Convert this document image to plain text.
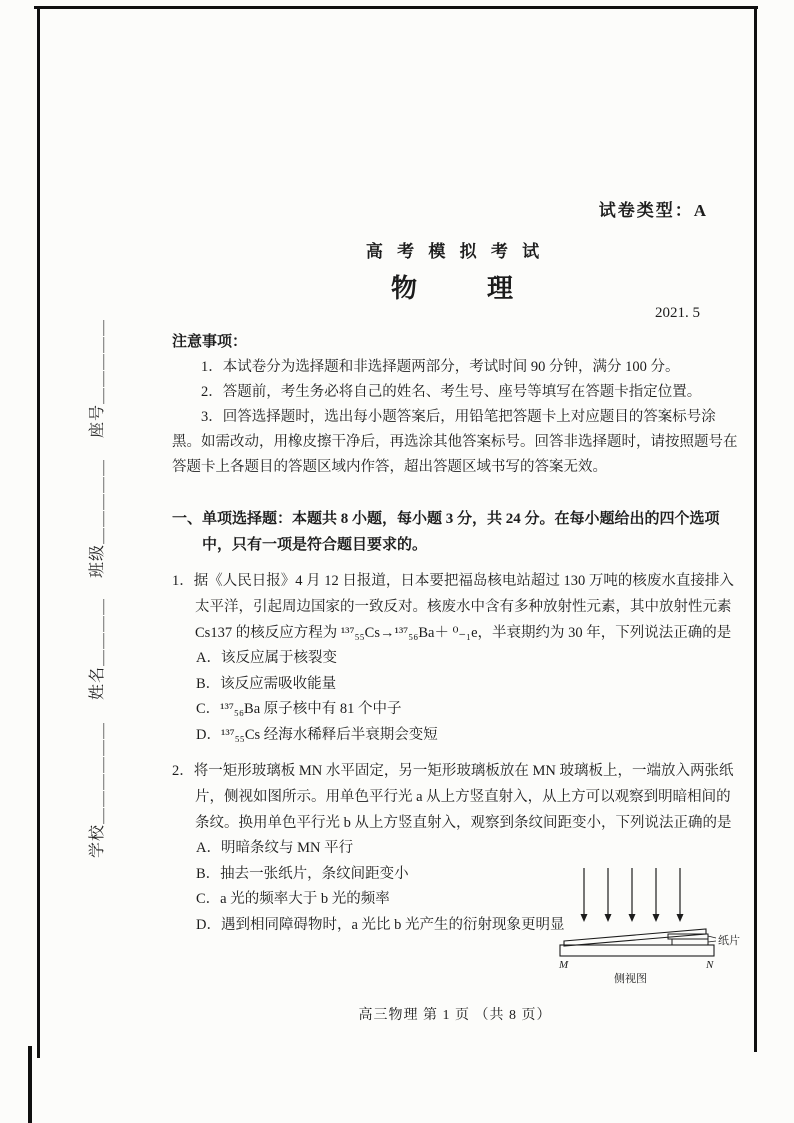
座号＿＿＿＿＿
班级＿＿＿＿＿
姓名＿＿＿＿
学校＿＿＿＿＿＿
试卷类型：A
高 考 模 拟 考 试
物　　理
2021. 5
注意事项：

1．本试卷分为选择题和非选择题两部分，考试时间 90 分钟，满分 100 分。

2．答题前，考生务必将自己的姓名、考生号、座号等填写在答题卡指定位置。

3．回答选择题时，选出每小题答案后，用铅笔把答题卡上对应题目的答案标号涂黑。如需改动，用橡皮擦干净后，再选涂其他答案标号。回答非选择题时，请按照题号在答题卡上各题目的答题区域内作答，超出答题区域书写的答案无效。

一、单项选择题：本题共 8 小题，每小题 3 分，共 24 分。在每小题给出的四个选项中，只有一项是符合题目要求的。

1．据《人民日报》4 月 12 日报道，日本要把福岛核电站超过 130 万吨的核废水直接排入太平洋，引起周边国家的一致反对。核废水中含有多种放射性元素，其中放射性元素 Cs137 的核反应方程为 ¹³⁷₅₅Cs→¹³⁷₅₆Ba＋ ⁰₋₁e，半衰期约为 30 年，下列说法正确的是

A．该反应属于核裂变
B．该反应需吸收能量
C．¹³⁷₅₆Ba 原子核中有 81 个中子
D．¹³⁷₅₅Cs 经海水稀释后半衰期会变短

2．将一矩形玻璃板 MN 水平固定，另一矩形玻璃板放在 MN 玻璃板上，一端放入两张纸片，侧视如图所示。用单色平行光 a 从上方竖直射入，从上方可以观察到明暗相间的条纹。换用单色平行光 b 从上方竖直射入，观察到条纹间距变小，下列说法正确的是

A．明暗条纹与 MN 平行
B．抽去一张纸片，条纹间距变小
C．a 光的频率大于 b 光的频率
D．遇到相同障碍物时，a 光比 b 光产生的衍射现象更明显
M	N
纸片
侧视图
高三物理 第 1 页 （共 8 页）
